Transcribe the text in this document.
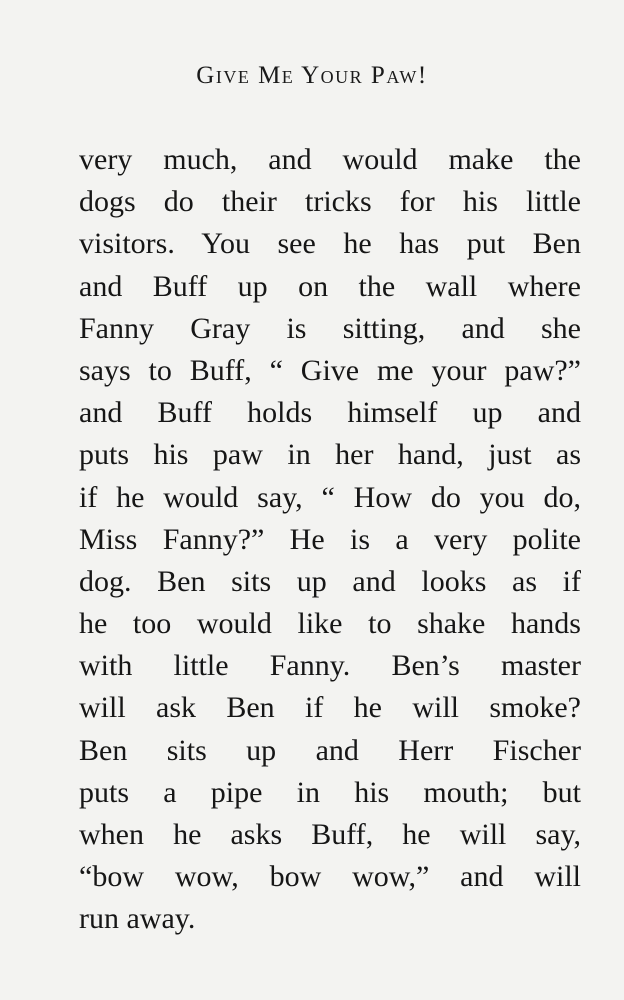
Give Me Your Paw!
very much, and would make the
dogs do their tricks for his little
visitors. You see he has put Ben
and Buff up on the wall where
Fanny Gray is sitting, and she
says to Buff, “ Give me your paw?”
and Buff holds himself up and
puts his paw in her hand, just as
if he would say, “ How do you do,
Miss Fanny?” He is a very polite
dog. Ben sits up and looks as if
he too would like to shake hands
with little Fanny. Ben’s master
will ask Ben if he will smoke?
Ben sits up and Herr Fischer
puts a pipe in his mouth; but
when he asks Buff, he will say,
“bow wow, bow wow,” and will
run away.
